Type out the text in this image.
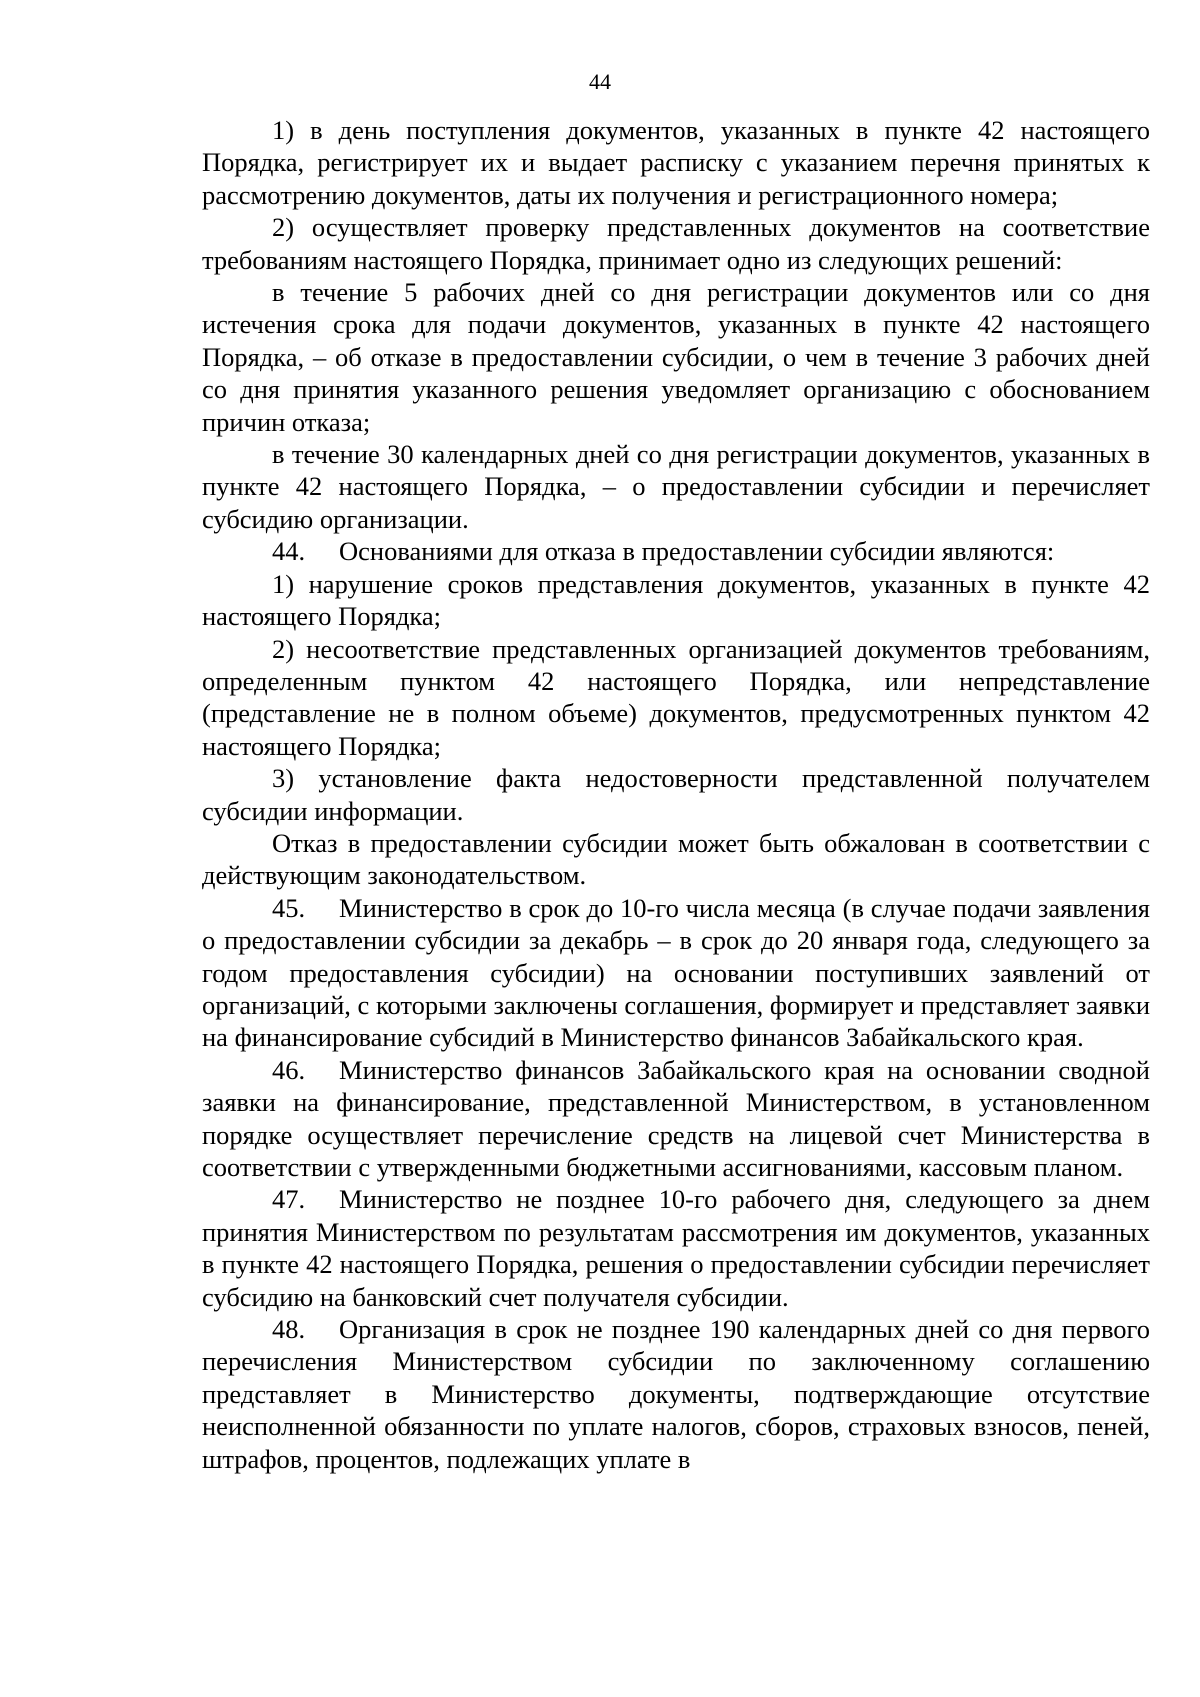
44

1) в день поступления документов, указанных в пункте 42 настоящего Порядка, регистрирует их и выдает расписку с указанием перечня принятых к рассмотрению документов, даты их получения и регистрационного номера;

2) осуществляет проверку представленных документов на соответствие требованиям настоящего Порядка, принимает одно из следующих решений:

в течение 5 рабочих дней со дня регистрации документов или со дня истечения срока для подачи документов, указанных в пункте 42 настоящего Порядка, – об отказе в предоставлении субсидии, о чем в течение 3 рабочих дней со дня принятия указанного решения уведомляет организацию с обоснованием причин отказа;

в течение 30 календарных дней со дня регистрации документов, указанных в пункте 42 настоящего Порядка, – о предоставлении субсидии и перечисляет субсидию организации.

44. Основаниями для отказа в предоставлении субсидии являются:

1) нарушение сроков представления документов, указанных в пункте 42 настоящего Порядка;

2) несоответствие представленных организацией документов требованиям, определенным пунктом 42 настоящего Порядка, или непредставление (представление не в полном объеме) документов, предусмотренных пунктом 42 настоящего Порядка;

3) установление факта недостоверности представленной получателем субсидии информации.

Отказ в предоставлении субсидии может быть обжалован в соответствии с действующим законодательством.

45. Министерство в срок до 10-го числа месяца (в случае подачи заявления о предоставлении субсидии за декабрь – в срок до 20 января года, следующего за годом предоставления субсидии) на основании поступивших заявлений от организаций, с которыми заключены соглашения, формирует и представляет заявки на финансирование субсидий в Министерство финансов Забайкальского края.

46. Министерство финансов Забайкальского края на основании сводной заявки на финансирование, представленной Министерством, в установленном порядке осуществляет перечисление средств на лицевой счет Министерства в соответствии с утвержденными бюджетными ассигнованиями, кассовым планом.

47. Министерство не позднее 10-го рабочего дня, следующего за днем принятия Министерством по результатам рассмотрения им документов, указанных в пункте 42 настоящего Порядка, решения о предоставлении субсидии перечисляет субсидию на банковский счет получателя субсидии.

48. Организация в срок не позднее 190 календарных дней со дня первого перечисления Министерством субсидии по заключенному соглашению представляет в Министерство документы, подтверждающие отсутствие неисполненной обязанности по уплате налогов, сборов, страховых взносов, пеней, штрафов, процентов, подлежащих уплате в
